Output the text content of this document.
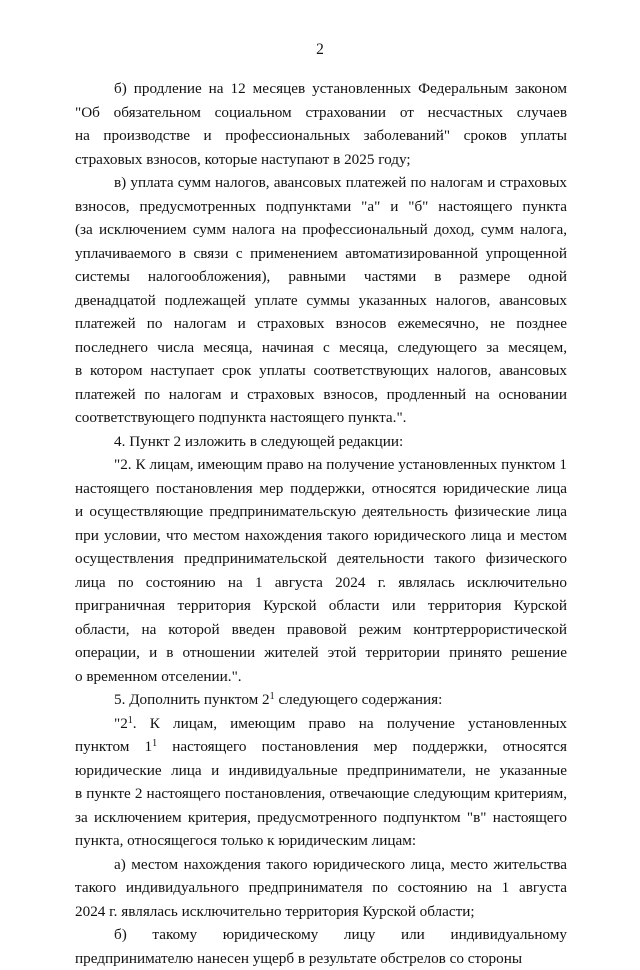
2
б) продление на 12 месяцев установленных Федеральным законом
"Об обязательном социальном страховании от несчастных случаев
на производстве и профессиональных заболеваний" сроков уплаты
страховых взносов, которые наступают в 2025 году;
в) уплата сумм налогов, авансовых платежей по налогам и страховых
взносов, предусмотренных подпунктами "а" и "б" настоящего пункта
(за исключением сумм налога на профессиональный доход, сумм налога,
уплачиваемого в связи с применением автоматизированной упрощенной
системы налогообложения), равными частями в размере одной
двенадцатой подлежащей уплате суммы указанных налогов, авансовых
платежей по налогам и страховых взносов ежемесячно, не позднее
последнего числа месяца, начиная с месяца, следующего за месяцем,
в котором наступает срок уплаты соответствующих налогов, авансовых
платежей по налогам и страховых взносов, продленный на основании
соответствующего подпункта настоящего пункта.".
4. Пункт 2 изложить в следующей редакции:
"2. К лицам, имеющим право на получение установленных пунктом 1
настоящего постановления мер поддержки, относятся юридические лица
и осуществляющие предпринимательскую деятельность физические лица
при условии, что местом нахождения такого юридического лица и местом
осуществления предпринимательской деятельности такого физического
лица по состоянию на 1 августа 2024 г. являлась исключительно
приграничная территория Курской области или территория Курской
области, на которой введен правовой режим контртеррористической
операции, и в отношении жителей этой территории принято решение
о временном отселении.".
5. Дополнить пунктом $2^1$ следующего содержания:
"$2^1$. К лицам, имеющим право на получение установленных
пунктом $1^1$ настоящего постановления мер поддержки, относятся
юридические лица и индивидуальные предприниматели, не указанные
в пункте 2 настоящего постановления, отвечающие следующим критериям,
за исключением критерия, предусмотренного подпунктом "в" настоящего
пункта, относящегося только к юридическим лицам:
а) местом нахождения такого юридического лица, место жительства
такого индивидуального предпринимателя по состоянию на 1 августа
2024 г. являлась исключительно территория Курской области;
б) такому юридическому лицу или индивидуальному
предпринимателю нанесен ущерб в результате обстрелов со стороны
